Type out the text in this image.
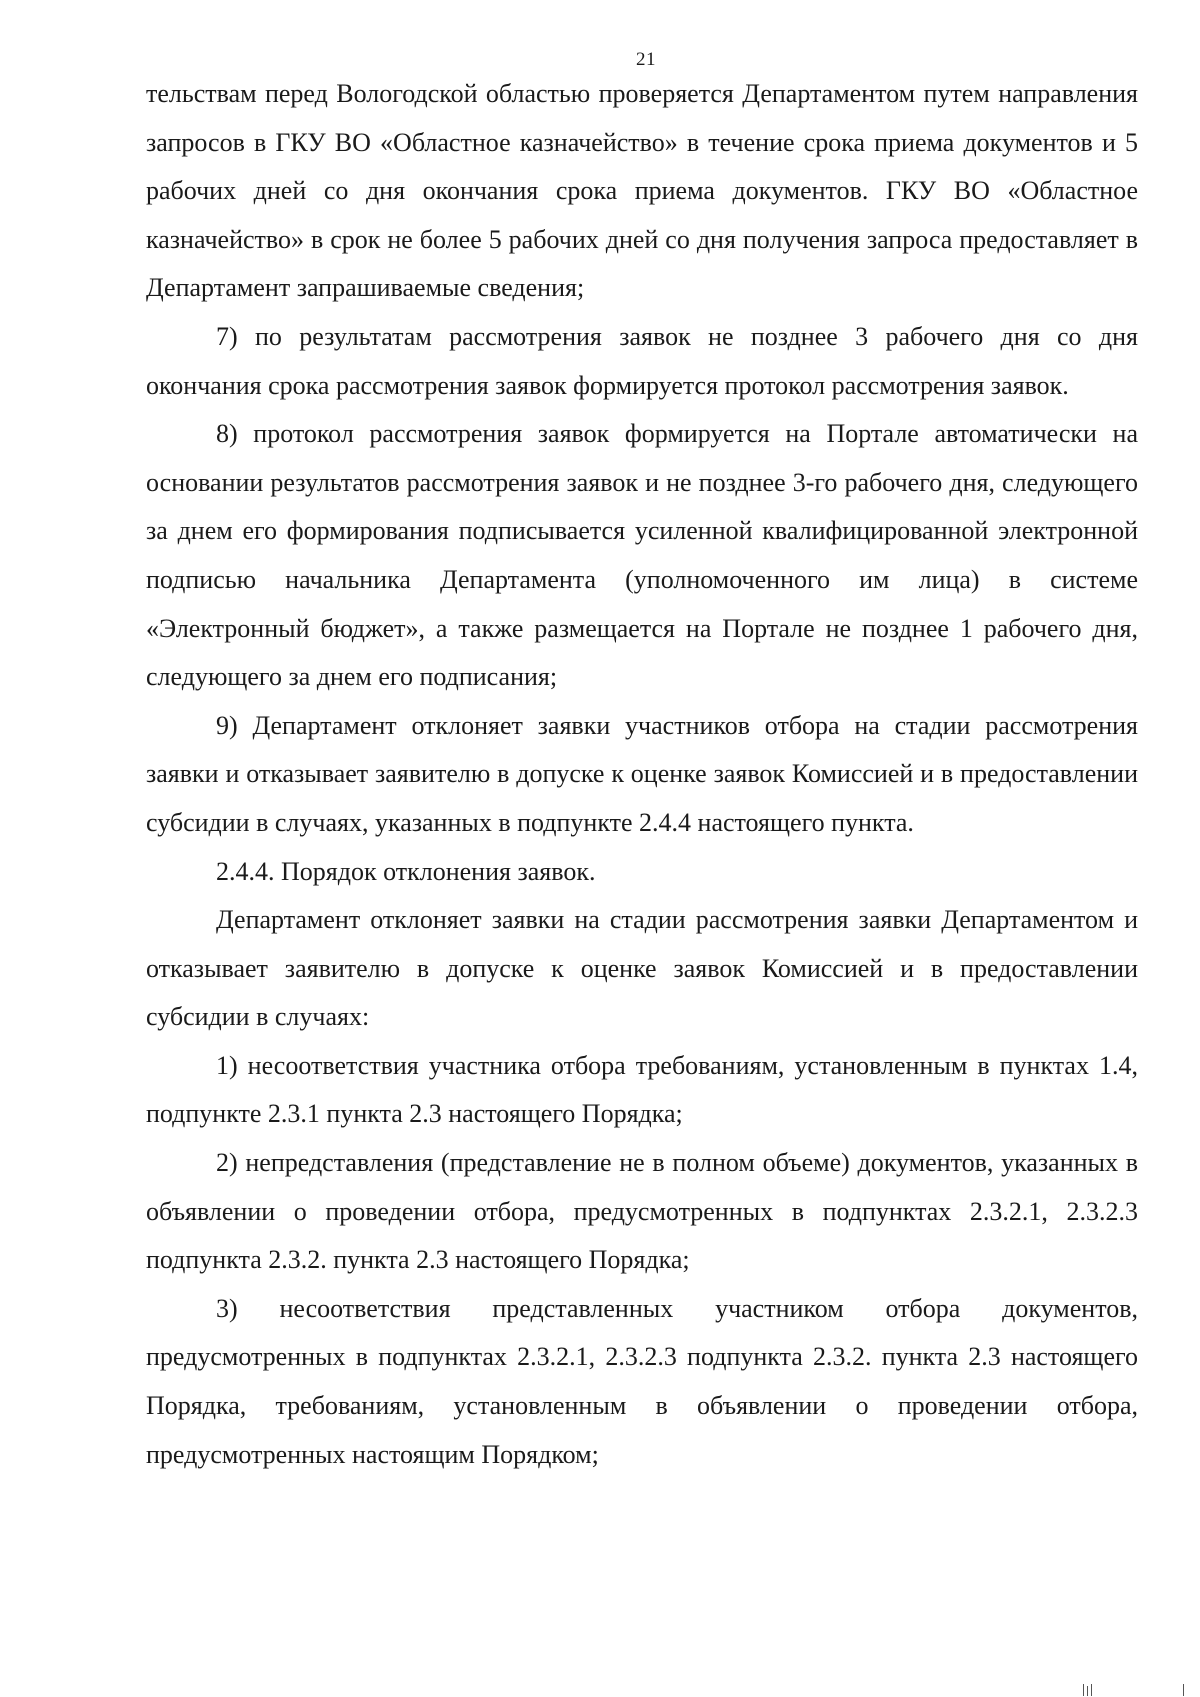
21

тельствам перед Вологодской областью проверяется Департаментом путем направления запросов в ГКУ ВО «Областное казначейство» в течение срока приема документов и 5 рабочих дней со дня окончания срока приема документов. ГКУ ВО «Областное казначейство» в срок не более 5 рабочих дней со дня получения запроса предоставляет в Департамент запрашиваемые сведения;

7) по результатам рассмотрения заявок не позднее 3 рабочего дня со дня окончания срока рассмотрения заявок формируется протокол рассмотрения заявок.

8) протокол рассмотрения заявок формируется на Портале автоматически на основании результатов рассмотрения заявок и не позднее 3-го рабочего дня, следующего за днем его формирования подписывается усиленной квалифицированной электронной подписью начальника Департамента (уполномоченного им лица) в системе «Электронный бюджет», а также размещается на Портале не позднее 1 рабочего дня, следующего за днем его подписания;

9) Департамент отклоняет заявки участников отбора на стадии рассмотрения заявки и отказывает заявителю в допуске к оценке заявок Комиссией и в предоставлении субсидии в случаях, указанных в подпункте 2.4.4 настоящего пункта.

2.4.4. Порядок отклонения заявок.

Департамент отклоняет заявки на стадии рассмотрения заявки Департаментом и отказывает заявителю в допуске к оценке заявок Комиссией и в предоставлении субсидии в случаях:

1) несоответствия участника отбора требованиям, установленным в пунктах 1.4, подпункте 2.3.1 пункта 2.3 настоящего Порядка;

2) непредставления (представление не в полном объеме) документов, указанных в объявлении о проведении отбора, предусмотренных в подпунктах 2.3.2.1, 2.3.2.3 подпункта 2.3.2. пункта 2.3 настоящего Порядка;

3) несоответствия представленных участником отбора документов, предусмотренных в подпунктах 2.3.2.1, 2.3.2.3 подпункта 2.3.2. пункта 2.3 настоящего Порядка, требованиям, установленным в объявлении о проведении отбора, предусмотренных настоящим Порядком;
